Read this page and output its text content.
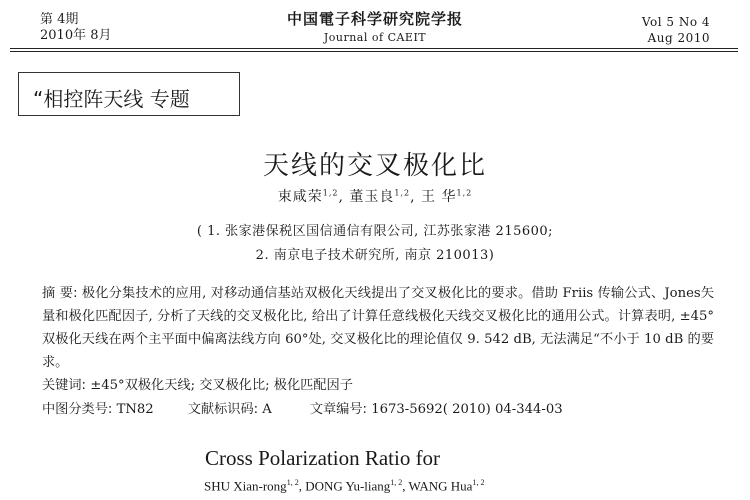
第 4期
2010年 8月
中国電子科学研究院学报
Journal of CAEIT
Vol 5 No 4
Aug 2010
“相控阵天线 专题
天线的交叉极化比
束咸荣$^{1,2}$, 董玉良$^{1,2}$, 王 华$^{1,2}$
( 1. 张家港保税区国信通信有限公司, 江苏张家港 215600;
2. 南京电子技术研究所, 南京 210013)
摘 要: 极化分集技术的应用, 对移动通信基站双极化天线提出了交叉极化比的要求。借助 Friis 传输公式、Jones矢量和极化匹配因子, 分析了天线的交叉极化比, 给出了计算任意线极化天线交叉极化比的通用公式。计算表明, ±45°双极化天线在两个主平面中偏离法线方向 60°处, 交叉极化比的理论值仅 9. 542 dB, 无法满足“不小于 10 dB 的要求。
关键词: ±45°双极化天线; 交叉极化比; 极化匹配因子
中图分类号: TN82	文献标识码: A	文章编号: 1673-5692( 2010) 04-344-03
Cross Polarization Ratio for
SHU Xian-rong$^{1, 2}$, DONG Yu-liang$^{1, 2}$, WANG Hua$^{1, 2}$
